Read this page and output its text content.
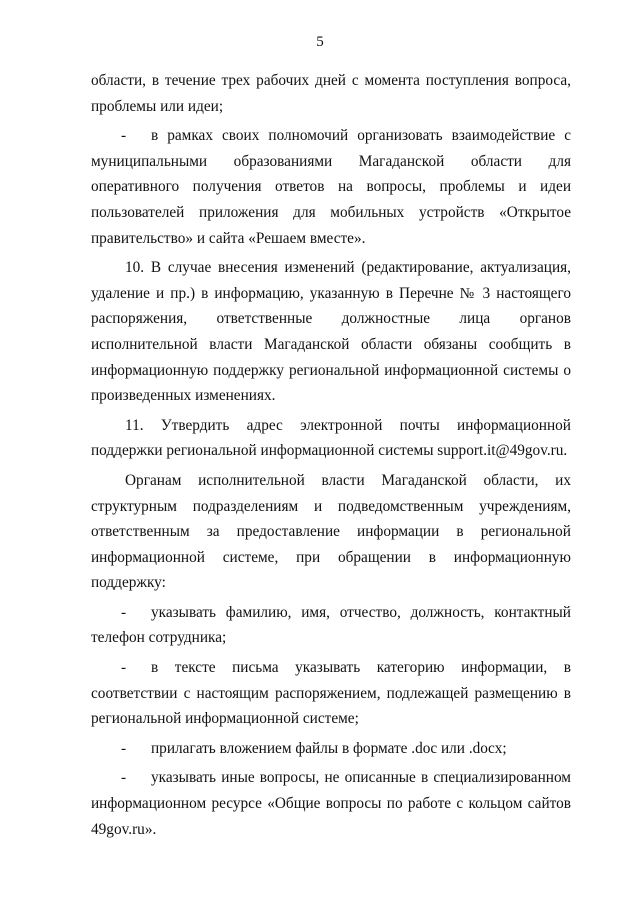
5

области, в течение трех рабочих дней с момента поступления вопроса, проблемы или идеи;

- в рамках своих полномочий организовать взаимодействие с муниципальными образованиями Магаданской области для оперативного получения ответов на вопросы, проблемы и идеи пользователей приложения для мобильных устройств «Открытое правительство» и сайта «Решаем вместе».

10. В случае внесения изменений (редактирование, актуализация, удаление и пр.) в информацию, указанную в Перечне № 3 настоящего распоряжения, ответственные должностные лица органов исполнительной власти Магаданской области обязаны сообщить в информационную поддержку региональной информационной системы о произведенных изменениях.

11. Утвердить адрес электронной почты информационной поддержки региональной информационной системы support.it@49gov.ru.

Органам исполнительной власти Магаданской области, их структурным подразделениям и подведомственным учреждениям, ответственным за предоставление информации в региональной информационной системе, при обращении в информационную поддержку:

- указывать фамилию, имя, отчество, должность, контактный телефон сотрудника;

- в тексте письма указывать категорию информации, в соответствии с настоящим распоряжением, подлежащей размещению в региональной информационной системе;

- прилагать вложением файлы в формате .doc или .docx;

- указывать иные вопросы, не описанные в специализированном информационном ресурсе «Общие вопросы по работе с кольцом сайтов 49gov.ru».
